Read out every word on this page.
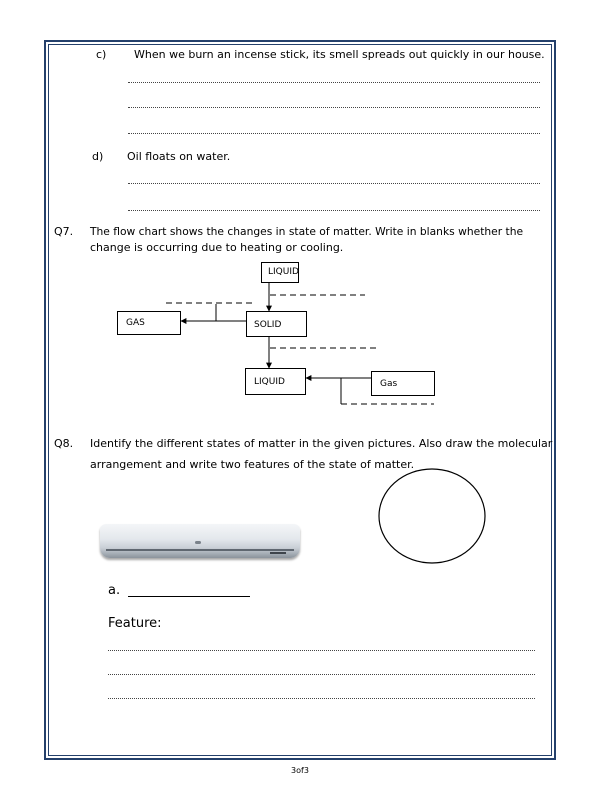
c)	When we burn an incense stick, its smell spreads out quickly in our house.
d) Oil floats on water.
Q7. The flow chart shows the changes in state of matter. Write in blanks whether the
change is occurring due to heating or cooling.
LIQUID
GAS	SOLID
LIQUID	Gas
Q8. Identify the different states of matter in the given pictures. Also draw the molecular
arrangement and write two features of the state of matter.
a.
Feature:
3of3
